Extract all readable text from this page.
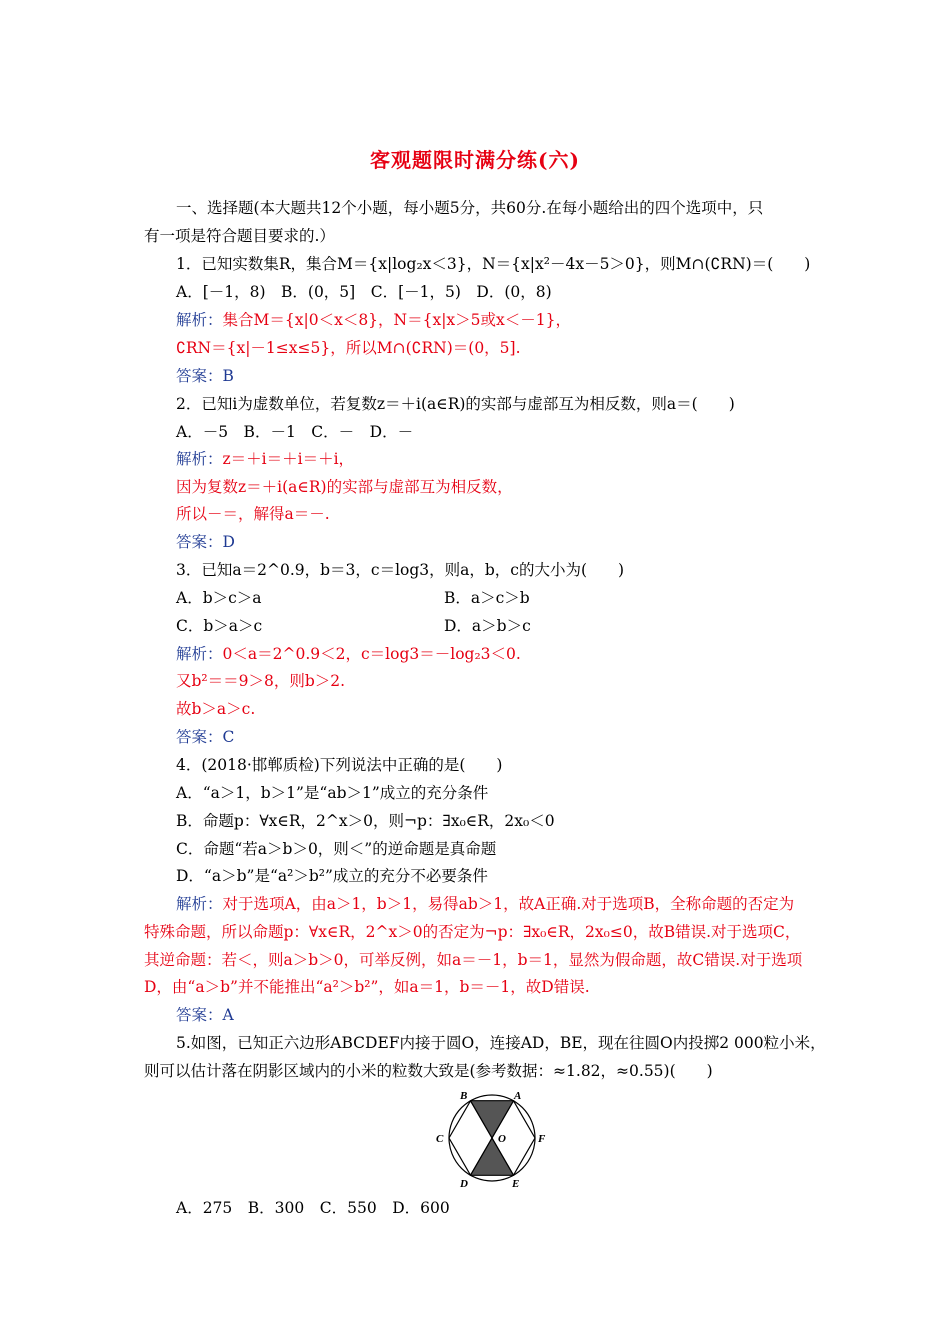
客观题限时满分练(六)
一、选择题(本大题共12个小题，每小题5分，共60分.在每小题给出的四个选项中，只
有一项是符合题目要求的.）
1．已知实数集R，集合M＝{x|log₂x＜3}，N＝{x|x²－4x－5＞0}，则M∩(∁RN)＝(　　)
A．[－1，8)　B．(0，5]　C．[－1，5)　D．(0，8)
解析：集合M＝{x|0＜x＜8}，N＝{x|x＞5或x＜－1}，
∁RN＝{x|－1≤x≤5}，所以M∩(∁RN)＝(0，5].
答案：B
2．已知i为虚数单位，若复数z＝＋i(a∈R)的实部与虚部互为相反数，则a＝(　　)
A．－5　B．－1　C．－　D．－
解析：z＝＋i＝＋i＝＋i，
因为复数z＝＋i(a∈R)的实部与虚部互为相反数，
所以－＝，解得a＝－.
答案：D
3．已知a＝2^0.9，b＝3，c＝log3，则a，b，c的大小为(　　)
A．b＞c＞a	B．a＞c＞b
C．b＞a＞c	D．a＞b＞c
解析：0＜a＝2^0.9＜2，c＝log3＝－log₂3＜0.
又b²＝＝9＞8，则b＞2.
故b＞a＞c.
答案：C
4．(2018·邯郸质检)下列说法中正确的是(　　)
A．“a＞1，b＞1”是“ab＞1”成立的充分条件
B．命题p：∀x∈R，2^x＞0，则¬p：∃x₀∈R，2x₀＜0
C．命题“若a＞b＞0，则＜”的逆命题是真命题
D．“a＞b”是“a²＞b²”成立的充分不必要条件
解析：对于选项A，由a＞1，b＞1，易得ab＞1，故A正确.对于选项B，全称命题的否定为
特殊命题，所以命题p：∀x∈R，2^x＞0的否定为¬p：∃x₀∈R，2x₀≤0，故B错误.对于选项C，
其逆命题：若＜，则a＞b＞0，可举反例，如a＝－1，b＝1，显然为假命题，故C错误.对于选项
D，由“a＞b”并不能推出“a²＞b²”，如a＝1，b＝－1，故D错误.
答案：A
5.如图，已知正六边形ABCDEF内接于圆O，连接AD，BE，现在往圆O内投掷2 000粒小米，
则可以估计落在阴影区域内的小米的粒数大致是(参考数据：≈1.82，≈0.55)(　　)
A
B
C
D	E
F
O
A．275　B．300　C．550　D．600
